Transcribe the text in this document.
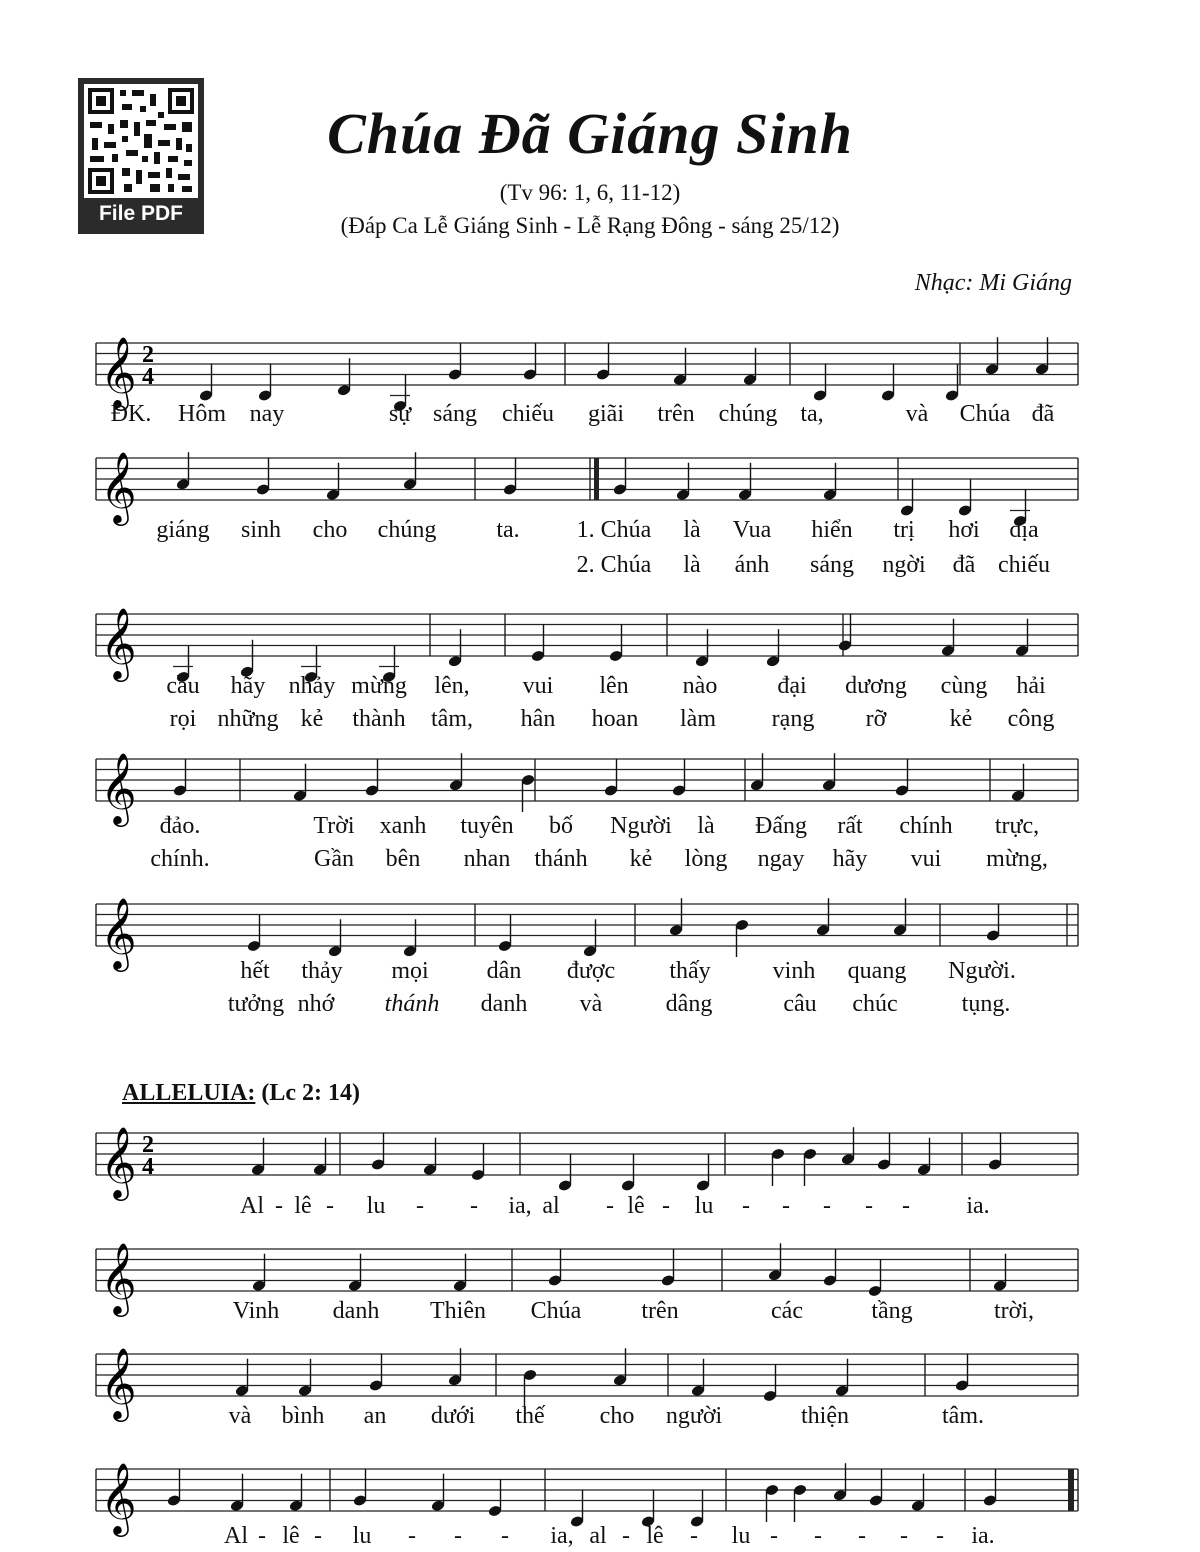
File PDF
Chúa Đã Giáng Sinh
(Tv 96: 1, 6, 11-12)
(Đáp Ca Lễ Giáng Sinh - Lễ Rạng Đông - sáng 25/12)
Nhạc: Mi Giáng
ALLELUIA: (Lc 2: 14)
𝄞 2
4
ĐK. Hôm nay	sự sáng chiếu giãi trên chúng ta,	và Chúa đã
𝄞
giáng sinh cho chúng	ta. 1. Chúa là Vua hiển trị hơi địa
2. Chúa là ánh sáng ngời đã chiếu
𝄞
cầu hãy nhảy mừng lên, vui lên nào	đại dương cùng hải
rọi những kẻ thành tâm, hân hoan làm rạng rỡ	kẻ công
𝄞
đảo.	Trời xanh tuyên bố Người là Đấng rất chính trực,
chính.	Gần bên nhan thánh kẻ lòng ngay hãy vui mừng,
𝄞
hết thảy mọi dân được thấy	vinh quang Người.
tưởng nhớ thánh danh và	dâng	câu chúc	tụng.
𝄞 2
4
Al - lê - lu - - ia, al - lê - lu - - - - - ia.
𝄞	Vinh danh Thiên Chúa	trên	các	tầng	trời,
𝄞	và bình an dưới thế cho người	thiện	tâm.
𝄞
Al - lê - lu - - - ia, al - lê - lu - - - - - ia.
